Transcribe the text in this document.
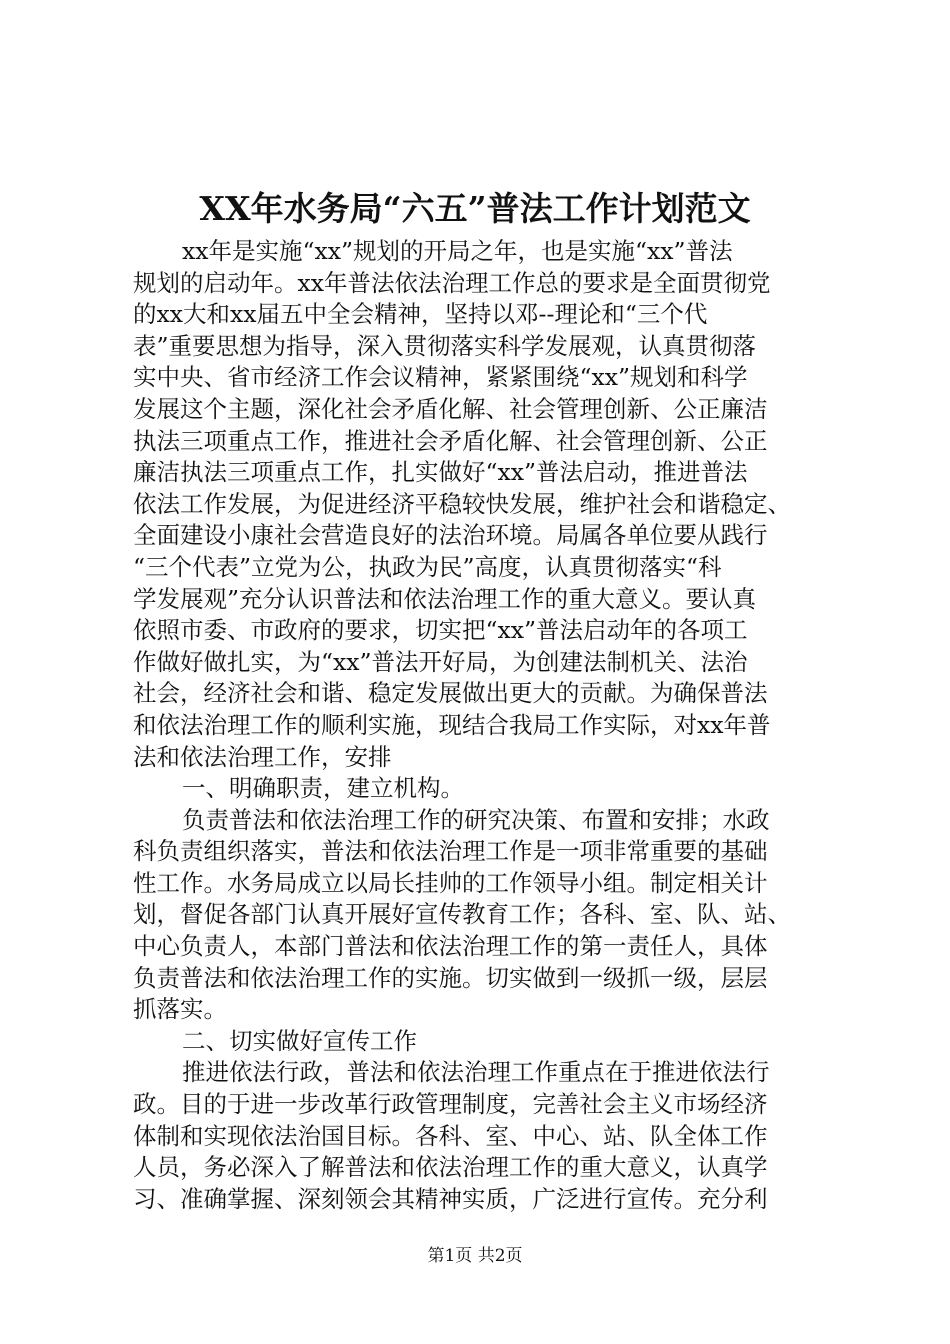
XX年水务局“六五”普法工作计划范文
xx年是实施“xx”规划的开局之年，也是实施“xx”普法
规划的启动年。xx年普法依法治理工作总的要求是全面贯彻党
的xx大和xx届五中全会精神，坚持以邓--理论和“三个代
表”重要思想为指导，深入贯彻落实科学发展观，认真贯彻落
实中央、省市经济工作会议精神，紧紧围绕“xx”规划和科学
发展这个主题，深化社会矛盾化解、社会管理创新、公正廉洁
执法三项重点工作，推进社会矛盾化解、社会管理创新、公正
廉洁执法三项重点工作，扎实做好“xx”普法启动，推进普法
依法工作发展，为促进经济平稳较快发展，维护社会和谐稳定、
全面建设小康社会营造良好的法治环境。局属各单位要从践行
“三个代表”立党为公，执政为民”高度，认真贯彻落实“科
学发展观”充分认识普法和依法治理工作的重大意义。要认真
依照市委、市政府的要求，切实把“xx”普法启动年的各项工
作做好做扎实，为“xx”普法开好局，为创建法制机关、法治
社会，经济社会和谐、稳定发展做出更大的贡献。为确保普法
和依法治理工作的顺利实施，现结合我局工作实际，对xx年普
法和依法治理工作，安排
一、明确职责，建立机构。
负责普法和依法治理工作的研究决策、布置和安排；水政
科负责组织落实，普法和依法治理工作是一项非常重要的基础
性工作。水务局成立以局长挂帅的工作领导小组。制定相关计
划，督促各部门认真开展好宣传教育工作；各科、室、队、站、
中心负责人，本部门普法和依法治理工作的第一责任人，具体
负责普法和依法治理工作的实施。切实做到一级抓一级，层层
抓落实。
二、切实做好宣传工作
推进依法行政，普法和依法治理工作重点在于推进依法行
政。目的于进一步改革行政管理制度，完善社会主义市场经济
体制和实现依法治国目标。各科、室、中心、站、队全体工作
人员，务必深入了解普法和依法治理工作的重大意义，认真学
习、准确掌握、深刻领会其精神实质，广泛进行宣传。充分利
第1页 共2页
